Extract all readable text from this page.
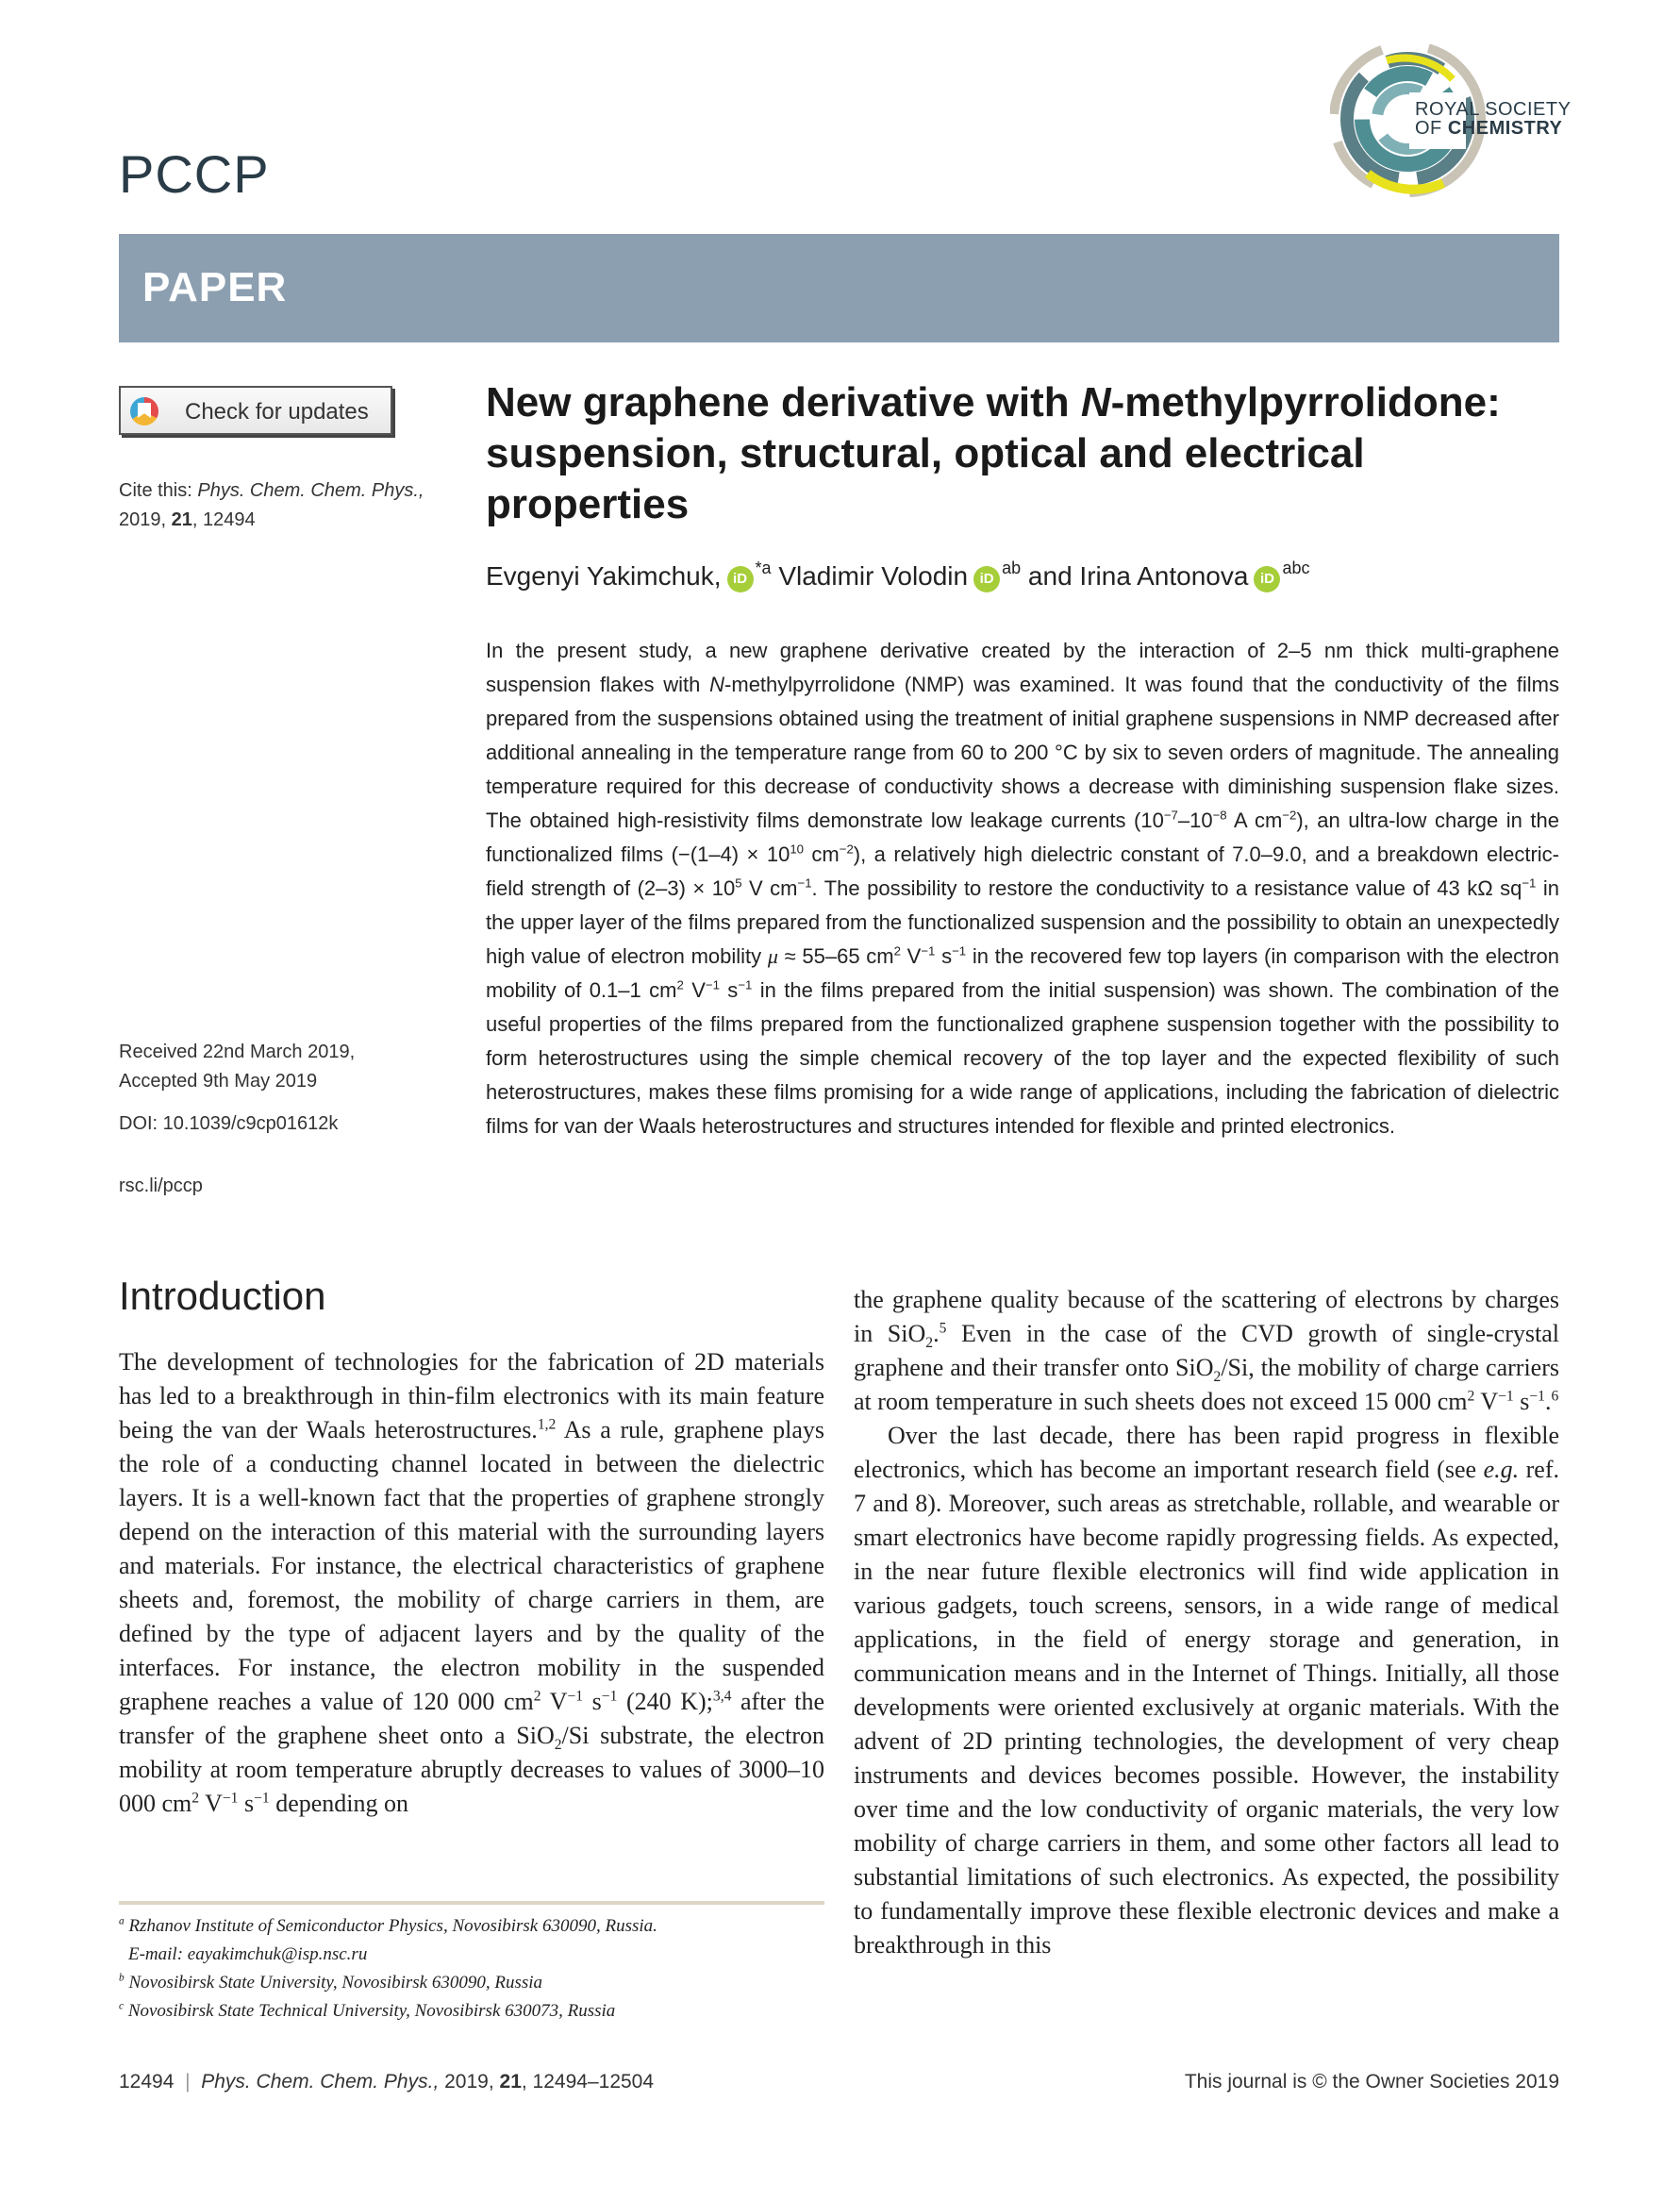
PCCP
ROYAL SOCIETY
OF CHEMISTRY
PAPER
Check for updates
Cite this: Phys. Chem. Chem. Phys.,
2019, 21, 12494
Received 22nd March 2019,
Accepted 9th May 2019
DOI: 10.1039/c9cp01612k
rsc.li/pccp
New graphene derivative with N-methylpyrrolidone: suspension, structural, optical and electrical properties
Evgenyi Yakimchuk, iD$^{*a}$ Vladimir Volodin iD$^{ab}$ and Irina Antonova iD$^{abc}$
In the present study, a new graphene derivative created by the interaction of 2–5 nm thick multi-graphene suspension flakes with N-methylpyrrolidone (NMP) was examined. It was found that the conductivity of the films prepared from the suspensions obtained using the treatment of initial graphene suspensions in NMP decreased after additional annealing in the temperature range from 60 to 200 °C by six to seven orders of magnitude. The annealing temperature required for this decrease of conductivity shows a decrease with diminishing suspension flake sizes. The obtained high-resistivity films demonstrate low leakage currents ($10^{-7}-10^{-8}$ A $cm^{-2}$), an ultra-low charge in the functionalized films ($-(1-4) \times 10^{10}$ $cm^{-2}$), a relatively high dielectric constant of 7.0–9.0, and a breakdown electric-field strength of $(2-3) \times 10^5$ V $cm^{-1}$. The possibility to restore the conductivity to a resistance value of 43 kΩ $sq^{-1}$ in the upper layer of the films prepared from the functionalized suspension and the possibility to obtain an unexpectedly high value of electron mobility μ ≈ 55–65 $cm^2$ $V^{-1}$ $s^{-1}$ in the recovered few top layers (in comparison with the electron mobility of 0.1–1 $cm^2$ $V^{-1}$ $s^{-1}$ in the films prepared from the initial suspension) was shown. The combination of the useful properties of the films prepared from the functionalized graphene suspension together with the possibility to form heterostructures using the simple chemical recovery of the top layer and the expected flexibility of such heterostructures, makes these films promising for a wide range of applications, including the fabrication of dielectric films for van der Waals heterostructures and structures intended for flexible and printed electronics.
Introduction

The development of technologies for the fabrication of 2D materials has led to a breakthrough in thin-film electronics with its main feature being the van der Waals heterostructures.$^{1,2}$ As a rule, graphene plays the role of a conducting channel located in between the dielectric layers. It is a well-known fact that the properties of graphene strongly depend on the interaction of this material with the surrounding layers and materials. For instance, the electrical characteristics of graphene sheets and, foremost, the mobility of charge carriers in them, are defined by the type of adjacent layers and by the quality of the interfaces. For instance, the electron mobility in the suspended graphene reaches a value of 120 000 $cm^2$ $V^{-1}$ $s^{-1}$ (240 K);$^{3,4}$ after the transfer of the graphene sheet onto a SiO$_2$/Si substrate, the electron mobility at room temperature abruptly decreases to values of 3000–10 000 $cm^2$ $V^{-1}$ $s^{-1}$ depending on

the graphene quality because of the scattering of electrons by charges in SiO$_2$.$^5$ Even in the case of the CVD growth of single-crystal graphene and their transfer onto SiO$_2$/Si, the mobility of charge carriers at room temperature in such sheets does not exceed 15 000 $cm^2$ $V^{-1}$ $s^{-1}.^6$

Over the last decade, there has been rapid progress in flexible electronics, which has become an important research field (see e.g. ref. 7 and 8). Moreover, such areas as stretchable, rollable, and wearable or smart electronics have become rapidly progressing fields. As expected, in the near future flexible electronics will find wide application in various gadgets, touch screens, sensors, in a wide range of medical applications, in the field of energy storage and generation, in communication means and in the Internet of Things. Initially, all those developments were oriented exclusively at organic materials. With the advent of 2D printing technologies, the development of very cheap instruments and devices becomes possible. However, the instability over time and the low conductivity of organic materials, the very low mobility of charge carriers in them, and some other factors all lead to substantial limitations of such electronics. As expected, the possibility to fundamentally improve these flexible electronic devices and make a breakthrough in this

$^a$ Rzhanov Institute of Semiconductor Physics, Novosibirsk 630090, Russia.

E-mail: eayakimchuk@isp.nsc.ru

$^b$ Novosibirsk State University, Novosibirsk 630090, Russia

$^c$ Novosibirsk State Technical University, Novosibirsk 630073, Russia

12494  |  Phys. Chem. Chem. Phys., 2019, 21, 12494–12504	This journal is © the Owner Societies 2019
